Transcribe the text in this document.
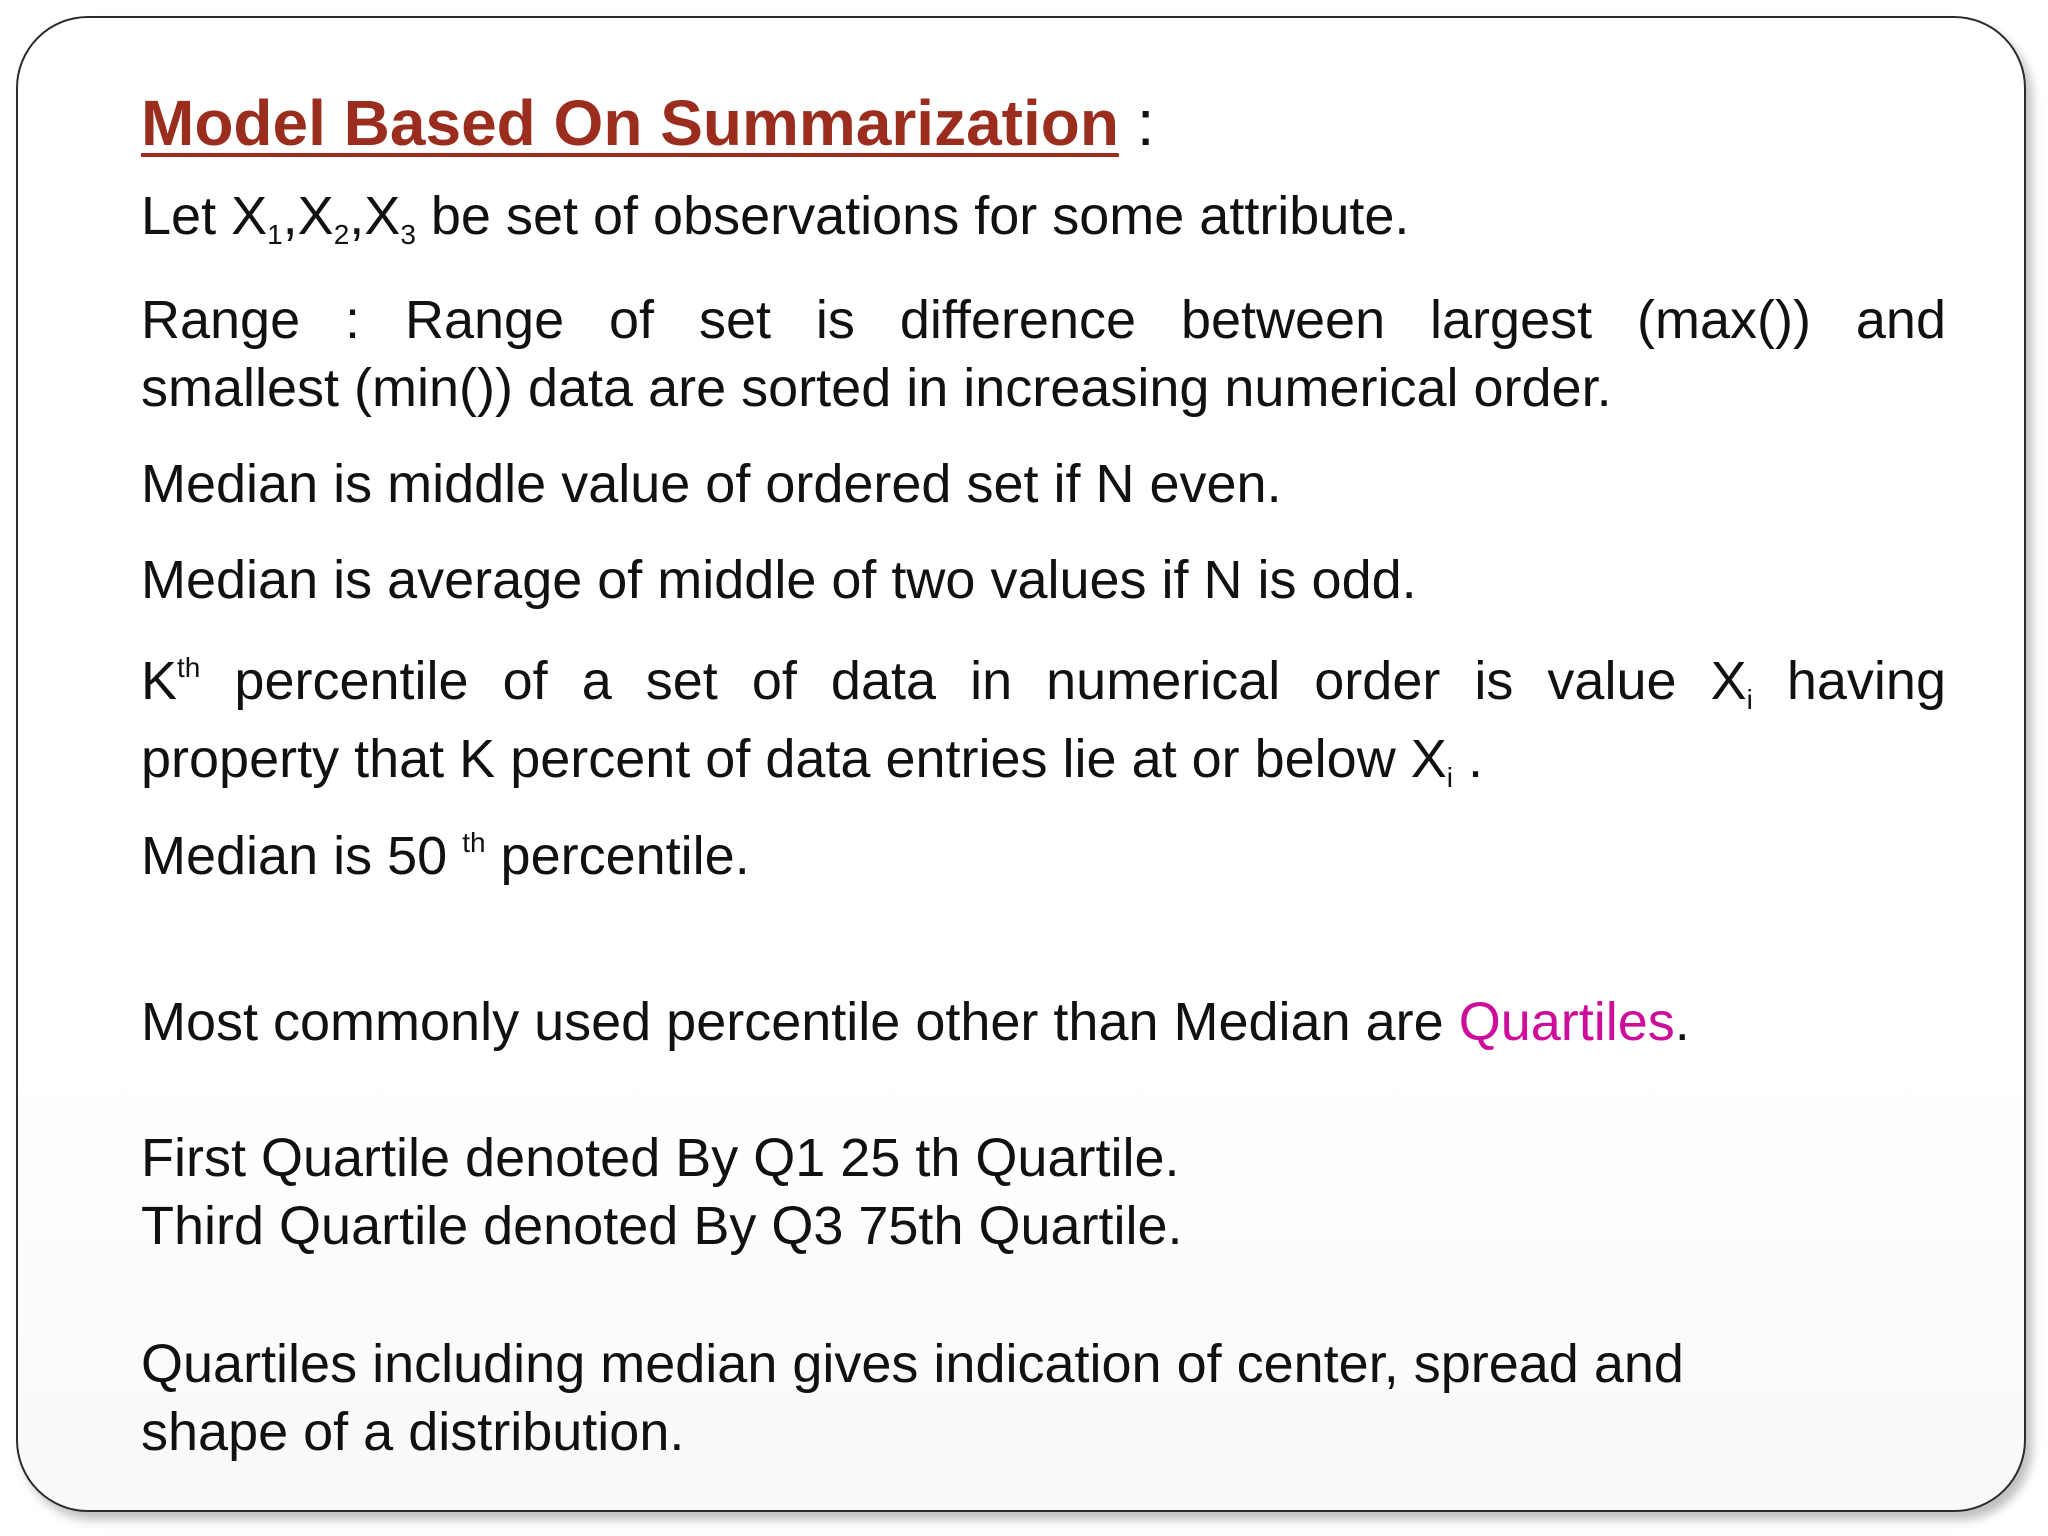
Model Based On Summarization :

Let $X_1,X_2,X_3$ be set of observations for some attribute.

Range : Range of set is difference between largest (max()) and
smallest (min()) data are sorted in increasing numerical order.

Median is middle value of ordered set if N even.

Median is average of middle of two values if N is odd.

$K^{th}$ percentile of a set of data in numerical order is value $X_i$ having
property that K percent of data entries lie at or below $X_i$ .

Median is 50 $^{th}$ percentile.

Most commonly used percentile other than Median are Quartiles.

First Quartile denoted By Q1 25 th Quartile.

Third Quartile denoted By Q3 75th Quartile.

Quartiles including median gives indication of center, spread and
shape of a distribution.
